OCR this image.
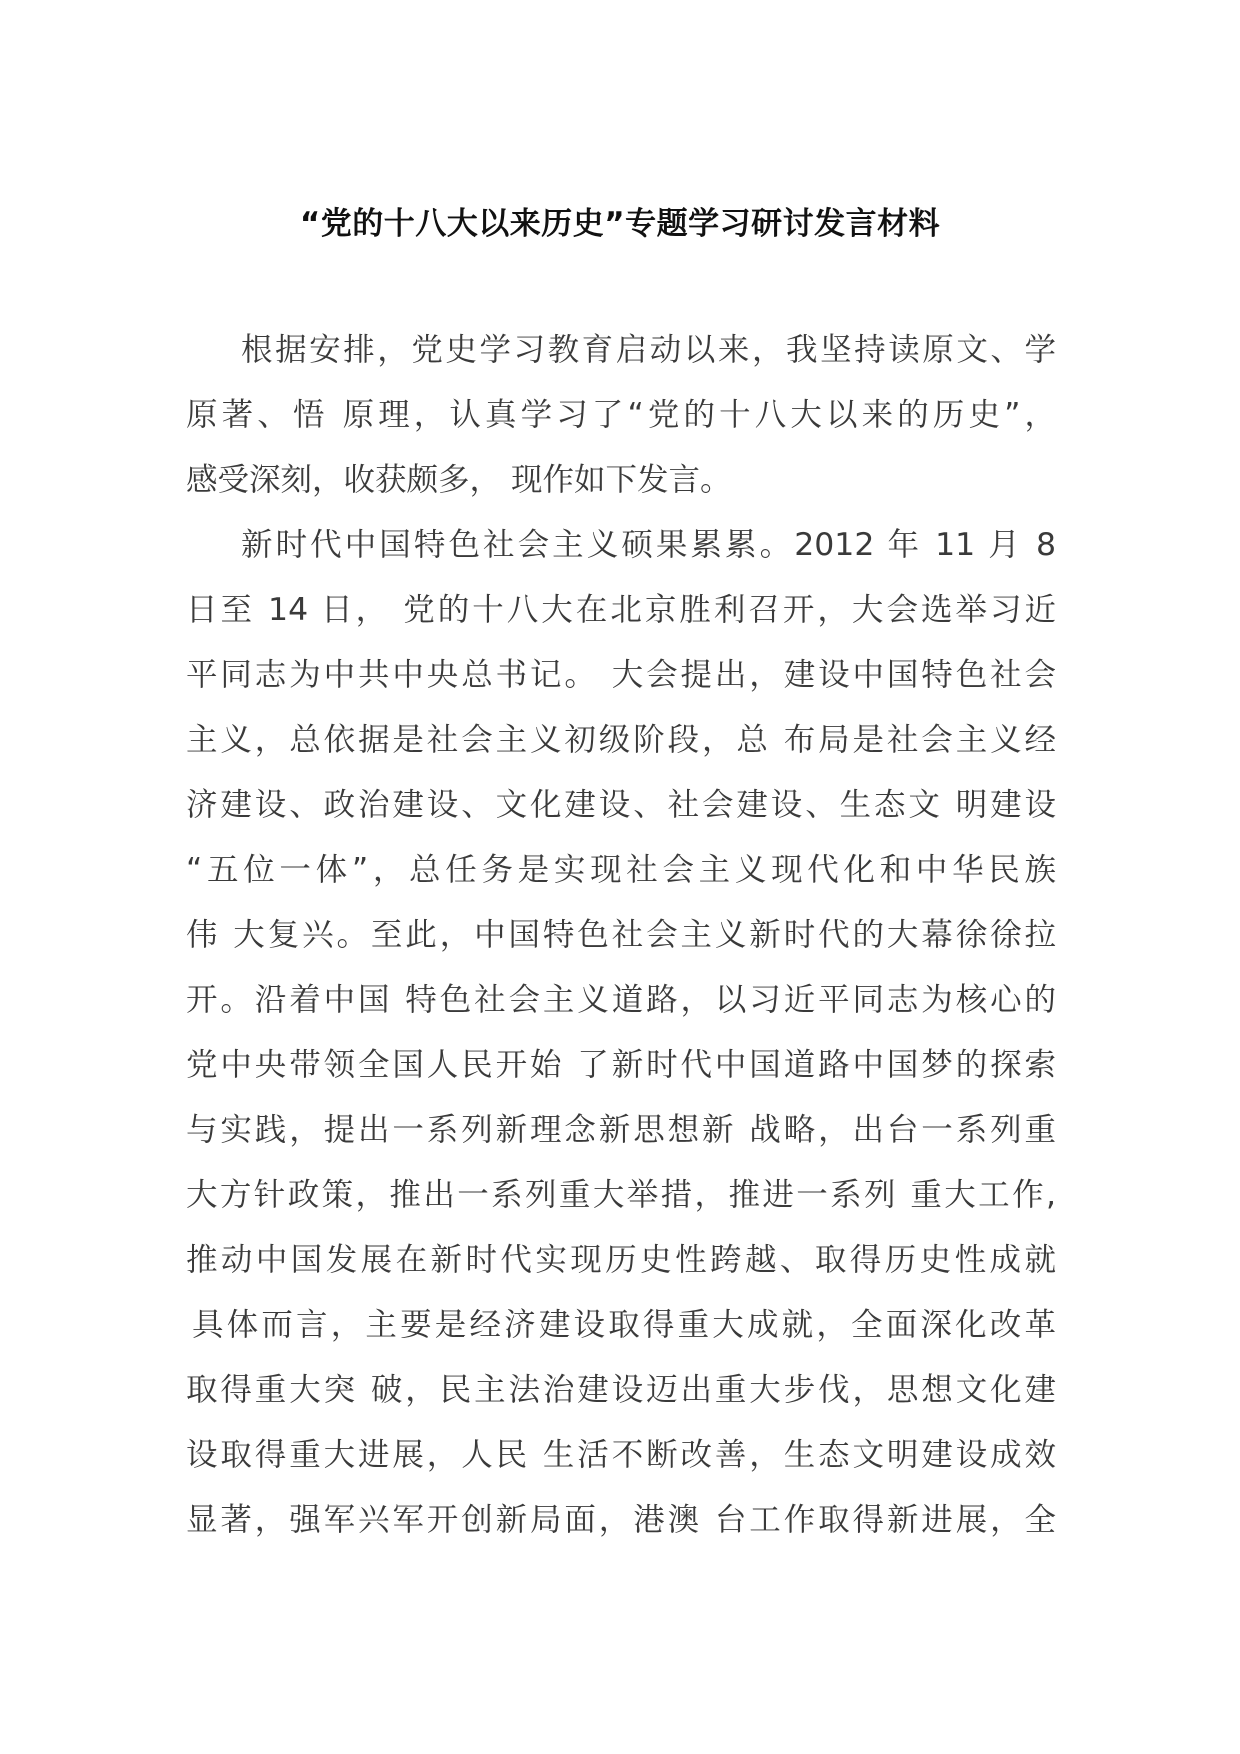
“党的十八大以来历史”专题学习研讨发言材料
根据安排，党史学习教育启动以来，我坚持读原文、学
原著、悟 原理，认真学习了“党的十八大以来的历史”，
感受深刻，收获颇多， 现作如下发言。
新时代中国特色社会主义硕果累累。2012 年 11 月 8
日至 14 日， 党的十八大在北京胜利召开，大会选举习近
平同志为中共中央总书记。 大会提出，建设中国特色社会
主义，总依据是社会主义初级阶段，总 布局是社会主义经
济建设、政治建设、文化建设、社会建设、生态文 明建设
“五位一体”，总任务是实现社会主义现代化和中华民族
伟 大复兴。至此，中国特色社会主义新时代的大幕徐徐拉
开。沿着中国 特色社会主义道路，以习近平同志为核心的
党中央带领全国人民开始 了新时代中国道路中国梦的探索
与实践，提出一系列新理念新思想新 战略，出台一系列重
大方针政策，推出一系列重大举措，推进一系列 重大工作,
推动中国发展在新时代实现历史性跨越、取得历史性成就
具体而言，主要是经济建设取得重大成就，全面深化改革
取得重大突 破，民主法治建设迈出重大步伐，思想文化建
设取得重大进展，人民 生活不断改善，生态文明建设成效
显著，强军兴军开创新局面，港澳 台工作取得新进展，全
